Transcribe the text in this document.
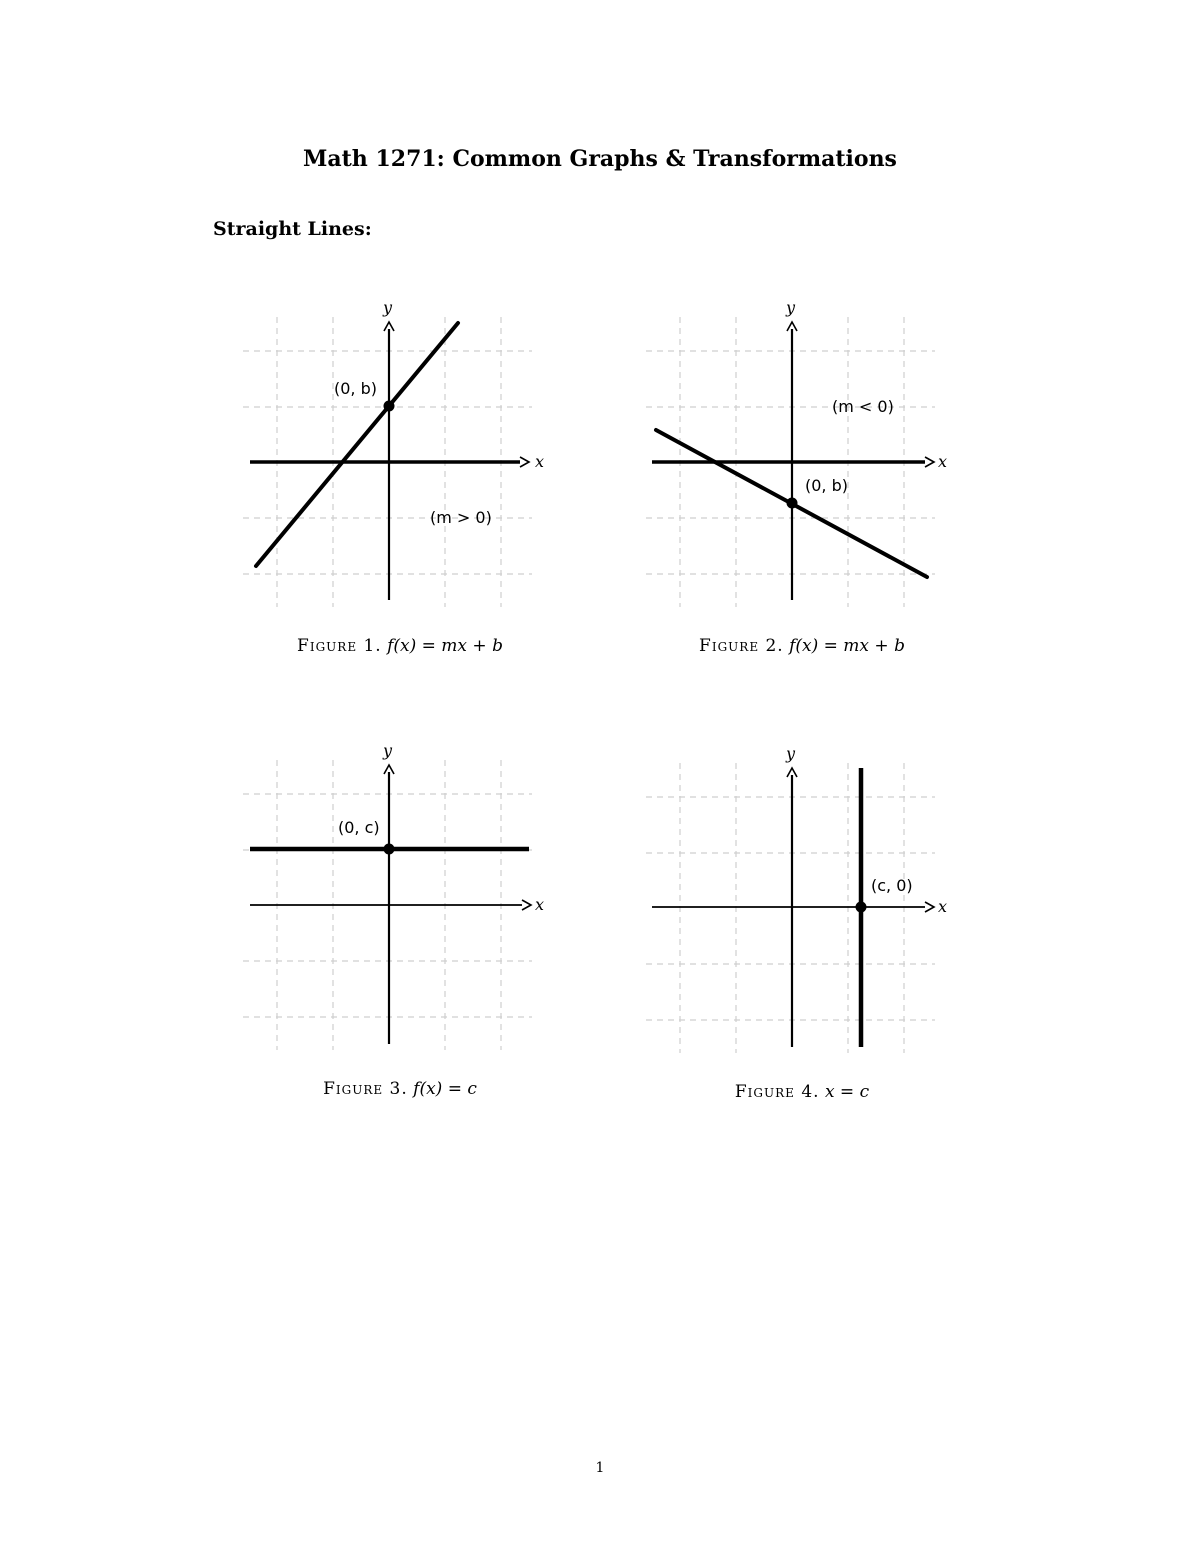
Math 1271: Common Graphs & Transformations
Straight Lines:
x
y
(0, b)
(m > 0)
Figure 1. f(x) = mx + b
x
y
(0, b)
(m < 0)
Figure 2. f(x) = mx + b
x
y
(0, c)
Figure 3. f(x) = c
x
y
(c, 0)
Figure 4. x = c
1
